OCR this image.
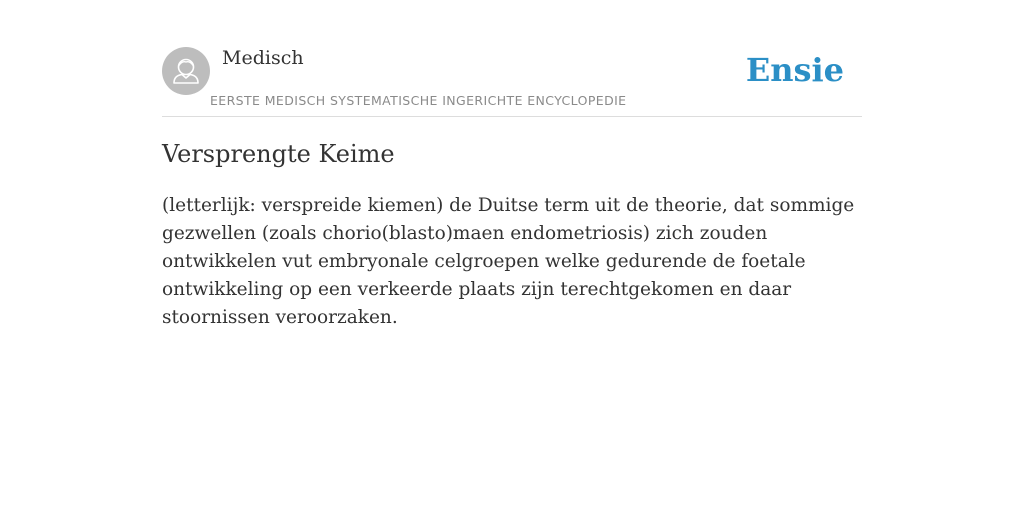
Medisch
EERSTE MEDISCH SYSTEMATISCHE INGERICHTE ENCYCLOPEDIE
Ensie
Versprengte Keime

(letterlijk: verspreide kiemen) de Duitse term uit de theorie, dat sommige gezwellen (zoals chorio(blasto)maen endometriosis) zich zouden ontwikkelen vut embryonale celgroepen welke gedurende de foetale ontwikkeling op een verkeerde plaats zijn terechtgekomen en daar stoornissen veroorzaken.
